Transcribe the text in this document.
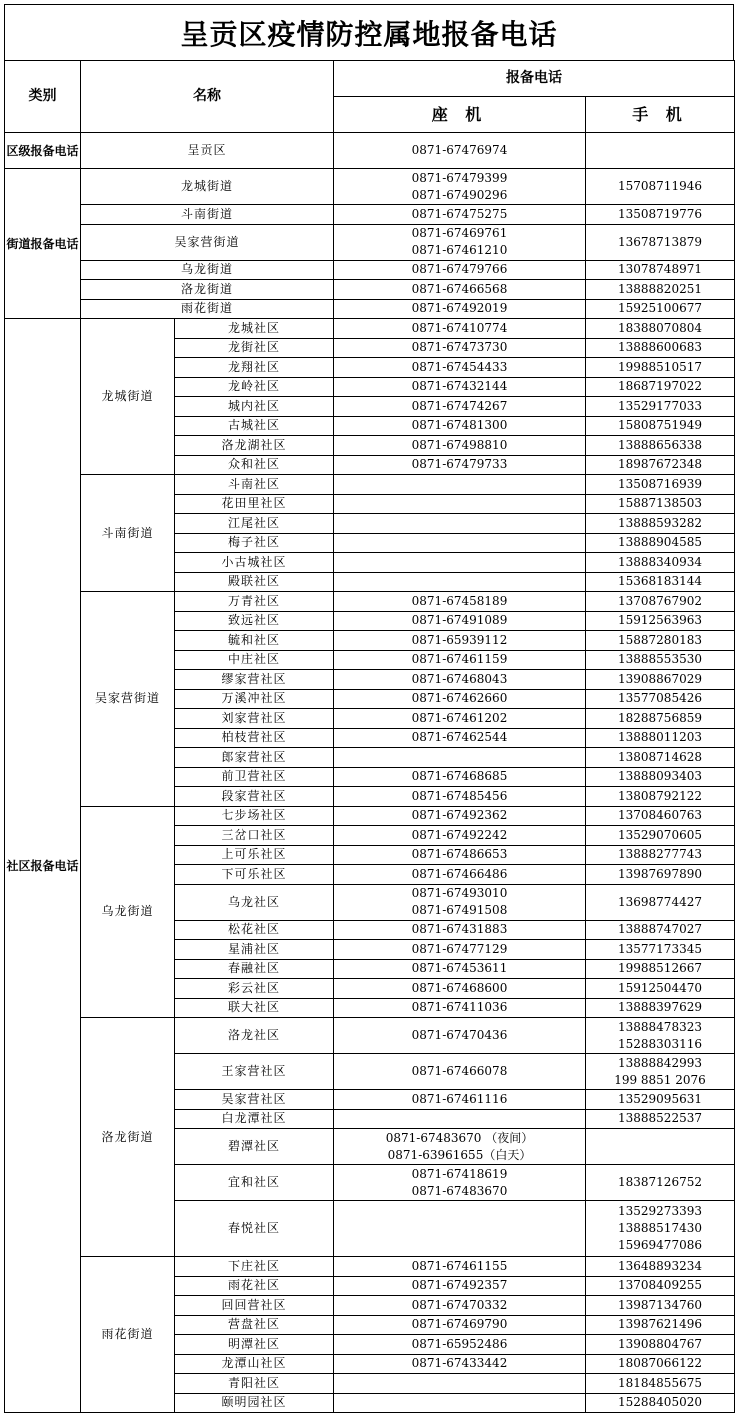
呈贡区疫情防控属地报备电话
类别	名称		报备电话	
			座 机	手 机
区级报备电话	呈贡区		0871-67476974	

街道报备电话	龙城街道		0871-67479399
0871-67490296	15708711946

	斗南街道		0871-67475275	13508719776

	吴家营街道		0871-67469761
0871-67461210	13678713879

	乌龙街道		0871-67479766	13078748971

	洛龙街道		0871-67466568	13888820251

	雨花街道		0871-67492019	15925100677

社区报备电话	龙城街道	龙城社区	0871-67410774	18388070804

		龙街社区	0871-67473730	13888600683

		龙翔社区	0871-67454433	19988510517

		龙岭社区	0871-67432144	18687197022

		城内社区	0871-67474267	13529177033

		古城社区	0871-67481300	15808751949

		洛龙湖社区	0871-67498810	13888656338

		众和社区	0871-67479733	18987672348

	斗南街道	斗南社区		13508716939

		花田里社区		15887138503

		江尾社区		13888593282

		梅子社区		13888904585

		小古城社区		13888340934

		殿联社区		15368183144

	吴家营街道	万青社区	0871-67458189	13708767902

		致远社区	0871-67491089	15912563963

		毓和社区	0871-65939112	15887280183

		中庄社区	0871-67461159	13888553530

		缪家营社区	0871-67468043	13908867029

		万溪冲社区	0871-67462660	13577085426

		刘家营社区	0871-67461202	18288756859

		柏枝营社区	0871-67462544	13888011203

		郎家营社区		13808714628

		前卫营社区	0871-67468685	13888093403

		段家营社区	0871-67485456	13808792122

	乌龙街道	七步场社区	0871-67492362	13708460763

		三岔口社区	0871-67492242	13529070605

		上可乐社区	0871-67486653	13888277743

		下可乐社区	0871-67466486	13987697890

		乌龙社区	0871-67493010
0871-67491508	13698774427

		松花社区	0871-67431883	13888747027

		星浦社区	0871-67477129	13577173345

		春融社区	0871-67453611	19988512667

		彩云社区	0871-67468600	15912504470

		联大社区	0871-67411036	13888397629

	洛龙街道	洛龙社区	0871-67470436	13888478323
15288303116

		王家营社区	0871-67466078	13888842993
199 8851 2076

		吴家营社区	0871-67461116	13529095631

		白龙潭社区		13888522537

		碧潭社区	0871-67483670 （夜间）
0871-63961655（白天）	

		宜和社区	0871-67418619
0871-67483670	18387126752

		春悦社区		13529273393
13888517430
15969477086

	雨花街道	下庄社区	0871-67461155	13648893234

		雨花社区	0871-67492357	13708409255

		回回营社区	0871-67470332	13987134760

		营盘社区	0871-67469790	13987621496

		明潭社区	0871-65952486	13908804767

		龙潭山社区	0871-67433442	18087066122

		青阳社区		18184855675

		颐明园社区		15288405020
